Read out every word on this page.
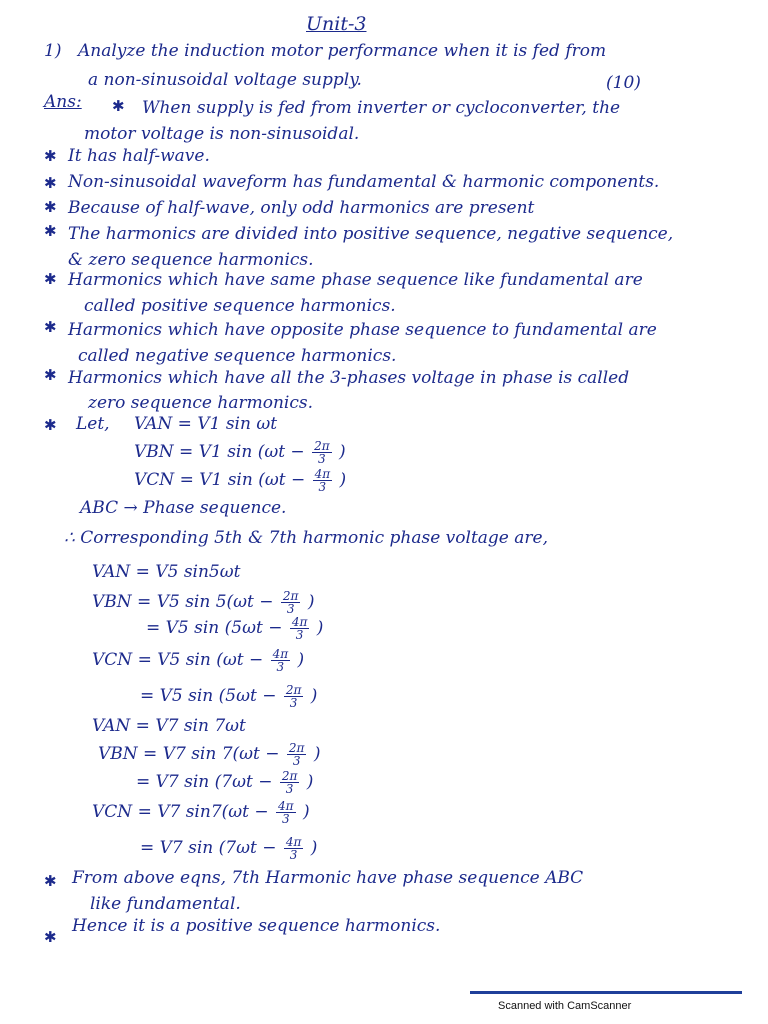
Unit-3
1) Analyze the induction motor performance when it is fed from
a non-sinusoidal voltage supply.	(10)
Ans: ✱ When supply is fed from inverter or cycloconverter, the
motor voltage is non-sinusoidal.
✱ It has half-wave.
✱ Non-sinusoidal waveform has fundamental & harmonic components.
✱ Because of half-wave, only odd harmonics are present
✱ The harmonics are divided into positive sequence, negative sequence,
& zero sequence harmonics.
✱ Harmonics which have same phase sequence like fundamental are
called positive sequence harmonics.
✱ Harmonics which have opposite phase sequence to fundamental are
called negative sequence harmonics.
✱ Harmonics which have all the 3-phases voltage in phase is called
zero sequence harmonics.
✱ Let, VAN = V1 sin ωt
VBN = V1 $\sin (\omega t - \frac{2\pi}{3}$ )
VCN = V1 $\sin (\omega t - \frac{4\pi}{3}$ )
ABC → Phase sequence.
∴ Corresponding 5th & 7th harmonic phase voltage are,
VAN = V5 sin5ωt
VBN = V5 $\sin 5(\omega t - \frac{2\pi}{3}$ )
= V5 $\sin (5\omega t - \frac{4\pi}{3}$ )
VCN = V5 $\sin (\omega t - \frac{4\pi}{3}$ )
= V5 $\sin (5\omega t - \frac{2\pi}{3}$ )
VAN = V7 sin 7ωt
VBN = V7 $\sin 7(\omega t - \frac{2\pi}{3}$ )
= V7 $\sin (7\omega t - \frac{2\pi}{3}$ )
VCN = V7 $\sin 7(\omega t - \frac{4\pi}{3}$ )
= V7 $\sin (7\omega t - \frac{4\pi}{3}$ )
✱ From above eqns, 7th Harmonic have phase sequence ABC
like fundamental.
✱
Hence it is a positive sequence harmonics.
Scanned with CamScanner
